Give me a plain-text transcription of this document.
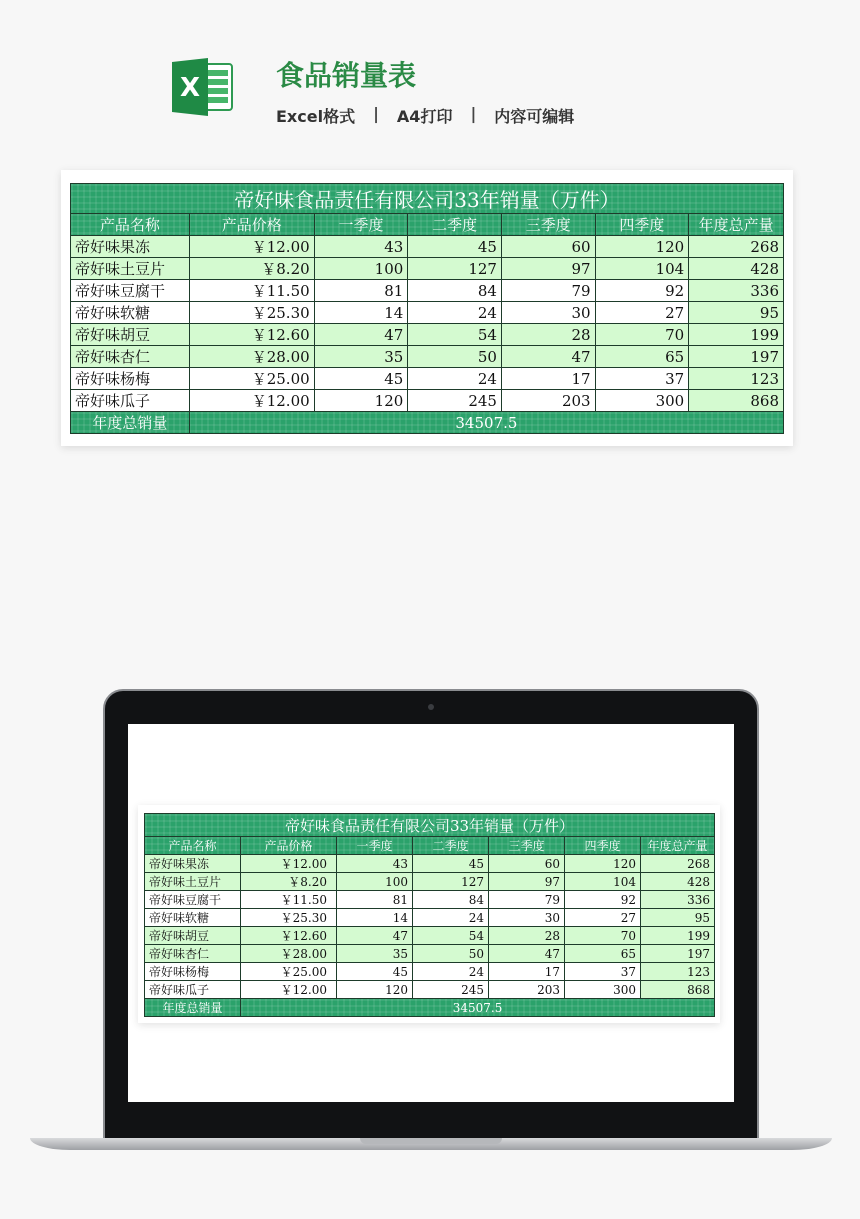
X	食品销量表
Excel格式 | A4打印 | 内容可编辑
帝好味食品责任有限公司33年销量（万件）						
产品名称	产品价格	一季度	二季度	三季度	四季度	年度总产量
帝好味果冻	￥12.00	43	45	60	120	268
帝好味土豆片	￥8.20	100	127	97	104	428
帝好味豆腐干	￥11.50	81	84	79	92	336
帝好味软糖	￥25.30	14	24	30	27	95
帝好味胡豆	￥12.60	47	54	28	70	199
帝好味杏仁	￥28.00	35	50	47	65	197
帝好味杨梅	￥25.00	45	24	17	37	123
帝好味瓜子	￥12.00	120	245	203	300	868
年度总销量	34507.5					
帝好味食品责任有限公司33年销量（万件）						
产品名称	产品价格	一季度	二季度	三季度	四季度	年度总产量
帝好味果冻	￥12.00	43	45	60	120	268
帝好味土豆片	￥8.20	100	127	97	104	428
帝好味豆腐干	￥11.50	81	84	79	92	336
帝好味软糖	￥25.30	14	24	30	27	95
帝好味胡豆	￥12.60	47	54	28	70	199
帝好味杏仁	￥28.00	35	50	47	65	197
帝好味杨梅	￥25.00	45	24	17	37	123
帝好味瓜子	￥12.00	120	245	203	300	868
年度总销量	34507.5					
